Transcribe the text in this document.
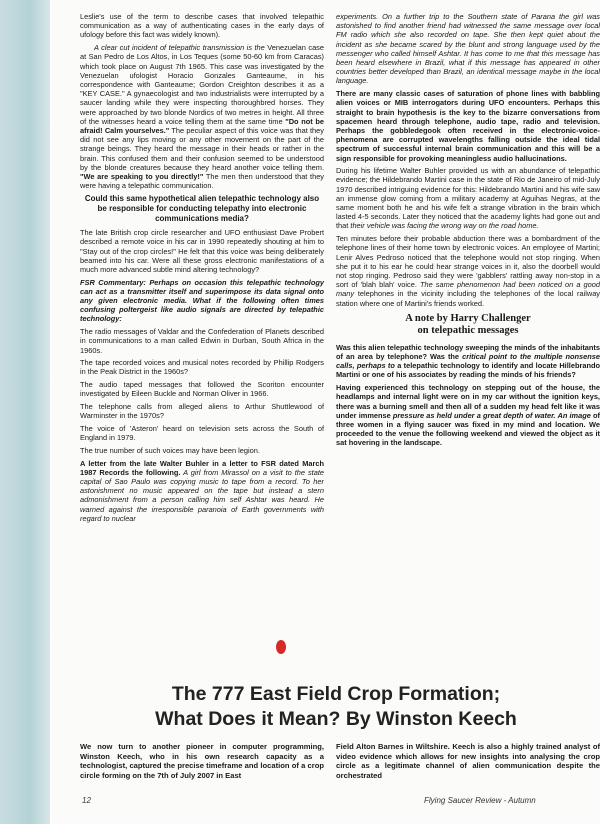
Leslie's use of the term to describe cases that involved telepathic communication as a way of authenticating cases in the early days of ufology before this fact was widely known).

A clear cut incident of telepathic transmission is the Venezuelan case at San Pedro de Los Altos, in Los Teques (some 50-60 km from Caracas) which took place on August 7th 1965. This case was investigated by the Venezuelan ufologist Horacio Gonzales Ganteaume, in his correspondence with Ganteaume; Gordon Creighton describes it as a "KEY CASE." A gynaecologist and two industrialists were interrupted by a saucer landing while they were inspecting thoroughbred horses. They were approached by two blonde Nordics of two metres in height. All three of the witnesses heard a voice telling them at the same time "Do not be afraid! Calm yourselves." The peculiar aspect of this voice was that they did not see any lips moving or any other movement on the part of the strange beings. They heard the message in their heads or rather in the brain. This confused them and their confusion seemed to be understood by the blonde creatures because they heard another voice telling them. "We are speaking to you directly!" The men then understood that they were having a telepathic communication.

Could this same hypothetical alien telepathic technology also be responsible for conducting telepathy into electronic communications media?

The late British crop circle researcher and UFO enthusiast Dave Probert described a remote voice in his car in 1990 repeatedly shouting at him to "Stay out of the crop circles!" He felt that this voice was being deliberately beamed into his car. Were all these gross electronic manifestations of a much more advanced subtle mind altering technology?

FSR Commentary: Perhaps on occasion this telepathic technology can act as a transmitter itself and superimpose its data signal onto any given electronic media. What if the following often times confusing poltergeist like audio signals are directed by telepathic technology:

The radio messages of Valdar and the Confederation of Planets described in communications to a man called Edwin in Durban, South Africa in the 1960s.

The tape recorded voices and musical notes recorded by Phillip Rodgers in the Peak District in the 1960s?

The audio taped messages that followed the Scoriton encounter investigated by Eileen Buckle and Norman Oliver in 1966.

The telephone calls from alleged aliens to Arthur Shuttlewood of Warminster in the 1970s?

The voice of 'Asteron' heard on television sets across the South of England in 1979.

The true number of such voices may have been legion.

A letter from the late Walter Buhler in a letter to FSR dated March 1987 Records the following. A girl from Mirassol on a visit to the state capital of Sao Paulo was copying music to tape from a record. To her astonishment no music appeared on the tape but instead a stern admonishment from a person calling him self Ashtar was heard. He warned against the irresponsible paranoia of Earth governments with regard to nuclear

experiments. On a further trip to the Southern state of Parana the girl was astonished to find another friend had witnessed the same message over local FM radio which she also recorded on tape. She then kept quiet about the incident as she became scared by the blunt and strong language used by the messenger who called himself Ashtar. It has come to me that this message has been heard elsewhere in Brazil, what if this message has appeared in other countries better developed than Brazil, an identical message maybe in the local language.

There are many classic cases of saturation of phone lines with babbling alien voices or MIB interrogators during UFO encounters. Perhaps this straight to brain hypothesis is the key to the bizarre conversations from spacemen heard through telephone, audio tape, radio and television. Perhaps the gobbledegook often received in the electronic-voice-phenomena are corrupted wavelengths falling outside the ideal tidal spectrum of successful internal brain communication and this will be a sign responsible for provoking meaningless audio hallucinations.

During his lifetime Walter Buhler provided us with an abundance of telepathic evidence; the Hildebrando Martini case in the state of Rio de Janeiro of mid-July 1970 described intriguing evidence for this: Hildebrando Martini and his wife saw an immense glow coming from a military academy at Aguihas Negras, at the same moment both he and his wife felt a strange vibration in the brain which lasted 4-5 seconds. Later they noticed that the academy lights had gone out and that their vehicle was facing the wrong way on the road home.

Ten minutes before their probable abduction there was a bombardment of the telephone lines of their home town by electronic voices. An employee of Martini; Lenir Alves Pedroso noticed that the telephone would not stop ringing. When she put it to his ear he could hear strange voices in it, also the doorbell would not stop ringing. Pedroso said they were 'gabblers' rattling away non-stop in a sort of 'blah blah' voice. The same phenomenon had been noticed on a good many telephones in the vicinity including the telephones of the local railway station where one of Martini's friends worked.

A note by Harry Challenger
on telepathic messages

Was this alien telepathic technology sweeping the minds of the inhabitants of an area by telephone? Was the critical point to the multiple nonsense calls, perhaps to a telepathic technology to identify and locate Hillebrando Martini or one of his associates by reading the minds of his friends?

Having experienced this technology on stepping out of the house, the headlamps and internal light were on in my car without the ignition keys, there was a burning smell and then all of a sudden my head felt like it was under immense pressure as held under a great depth of water. An image of three women in a flying saucer was fixed in my mind and location. We proceeded to the venue the following weekend and viewed the object as it sat hovering in the landscape.

The 777 East Field Crop Formation;
What Does it Mean? By Winston Keech
We now turn to another pioneer in computer programming, Winston Keech, who in his own research capacity as a technologist, captured the precise timeframe and location of a crop circle forming on the 7th of July 2007 in East
Field Alton Barnes in Wiltshire. Keech is also a highly trained analyst of video evidence which allows for new insights into analysing the crop circle as a legitimate channel of alien communication despite the orchestrated
12	Flying Saucer Review - Autumn
